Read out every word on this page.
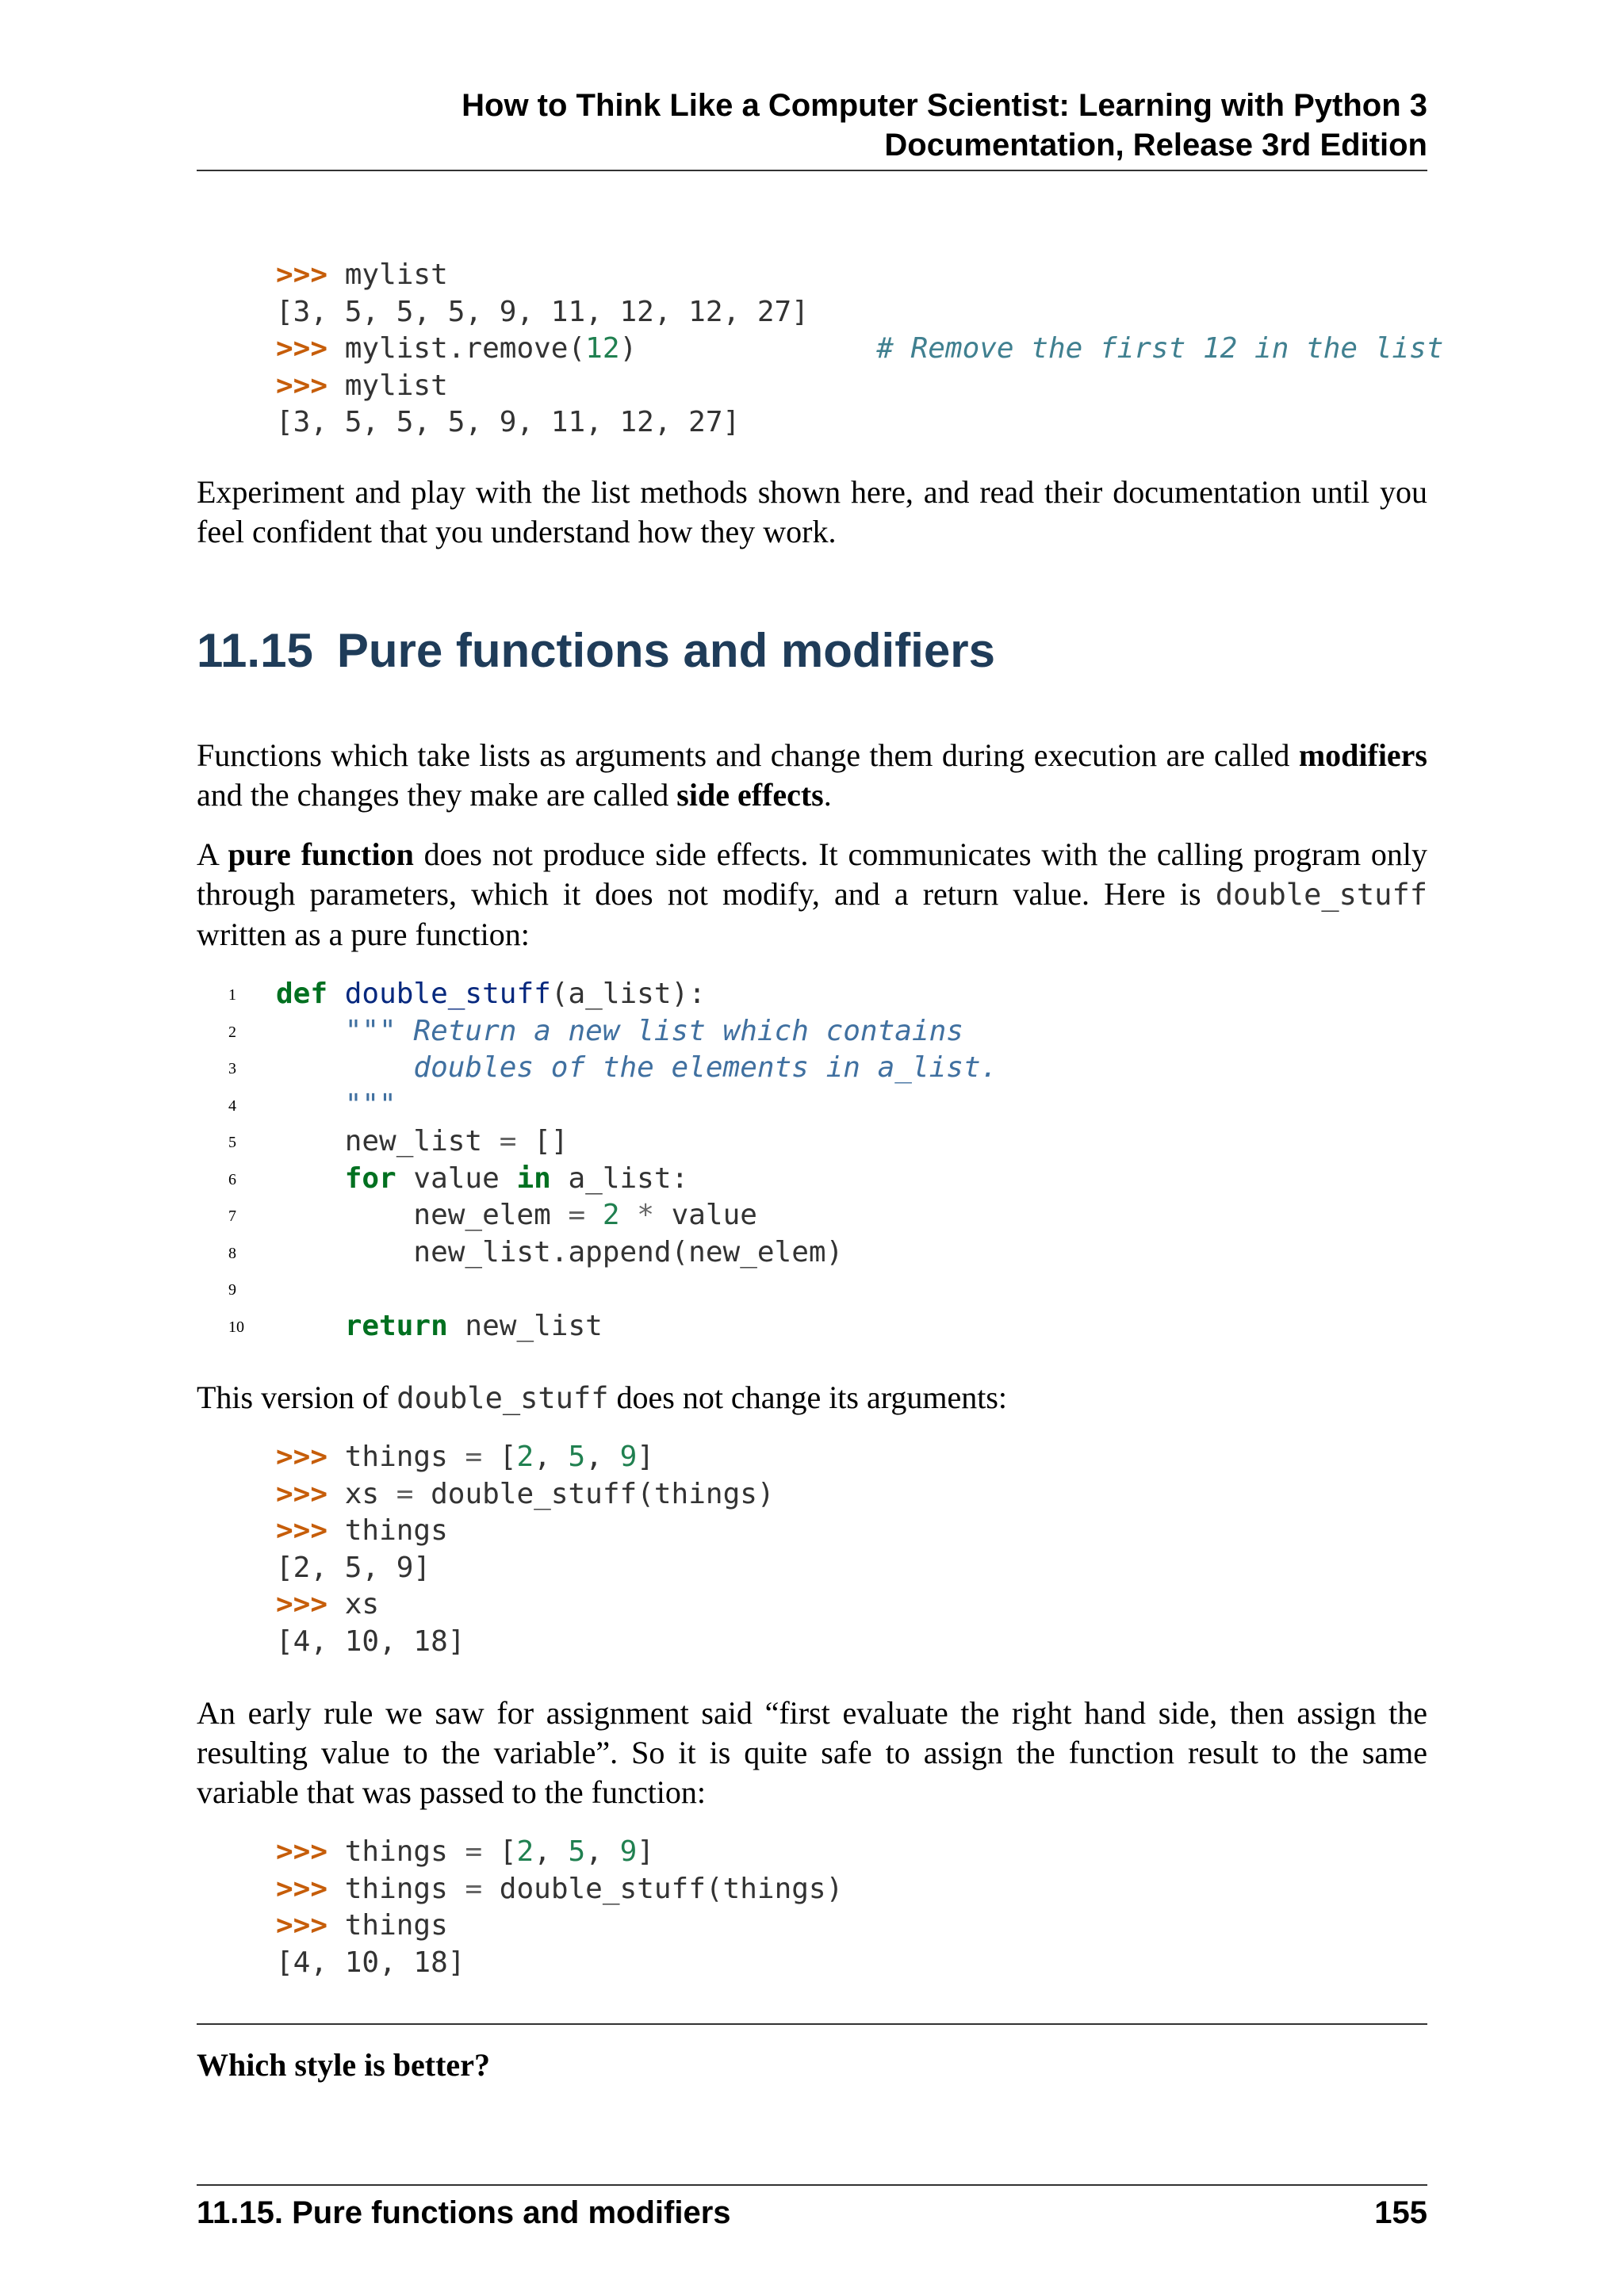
How to Think Like a Computer Scientist: Learning with Python 3
Documentation, Release 3rd Edition
>>> mylist
[3, 5, 5, 5, 9, 11, 12, 12, 27]
>>> mylist.remove(12)	# Remove the first 12 in the list
>>> mylist
[3, 5, 5, 5, 9, 11, 12, 27]

Experiment and play with the list methods shown here, and read their documentation until you feel confident that you understand how they work.

11.15 Pure functions and modifiers

Functions which take lists as arguments and change them during execution are called modifiers and the changes they make are called side effects.

A pure function does not produce side effects. It communicates with the calling program only through parameters, which it does not modify, and a return value. Here is double_stuff written as a pure function:

1
2
3
4
5
6
7
8
9
10
def double_stuff(a_list):
""" Return a new list which contains
doubles of the elements in a_list.
"""
new_list = []
for value in a_list:
new_elem = 2 * value
new_list.append(new_elem)

return new_list

This version of double_stuff does not change its arguments:

>>> things = [2, 5, 9]
>>> xs = double_stuff(things)
>>> things
[2, 5, 9]
>>> xs
[4, 10, 18]

An early rule we saw for assignment said “first evaluate the right hand side, then assign the resulting value to the variable”. So it is quite safe to assign the function result to the same variable that was passed to the function:

>>> things = [2, 5, 9]
>>> things = double_stuff(things)
>>> things
[4, 10, 18]
Which style is better?
11.15. Pure functions and modifiers	155
